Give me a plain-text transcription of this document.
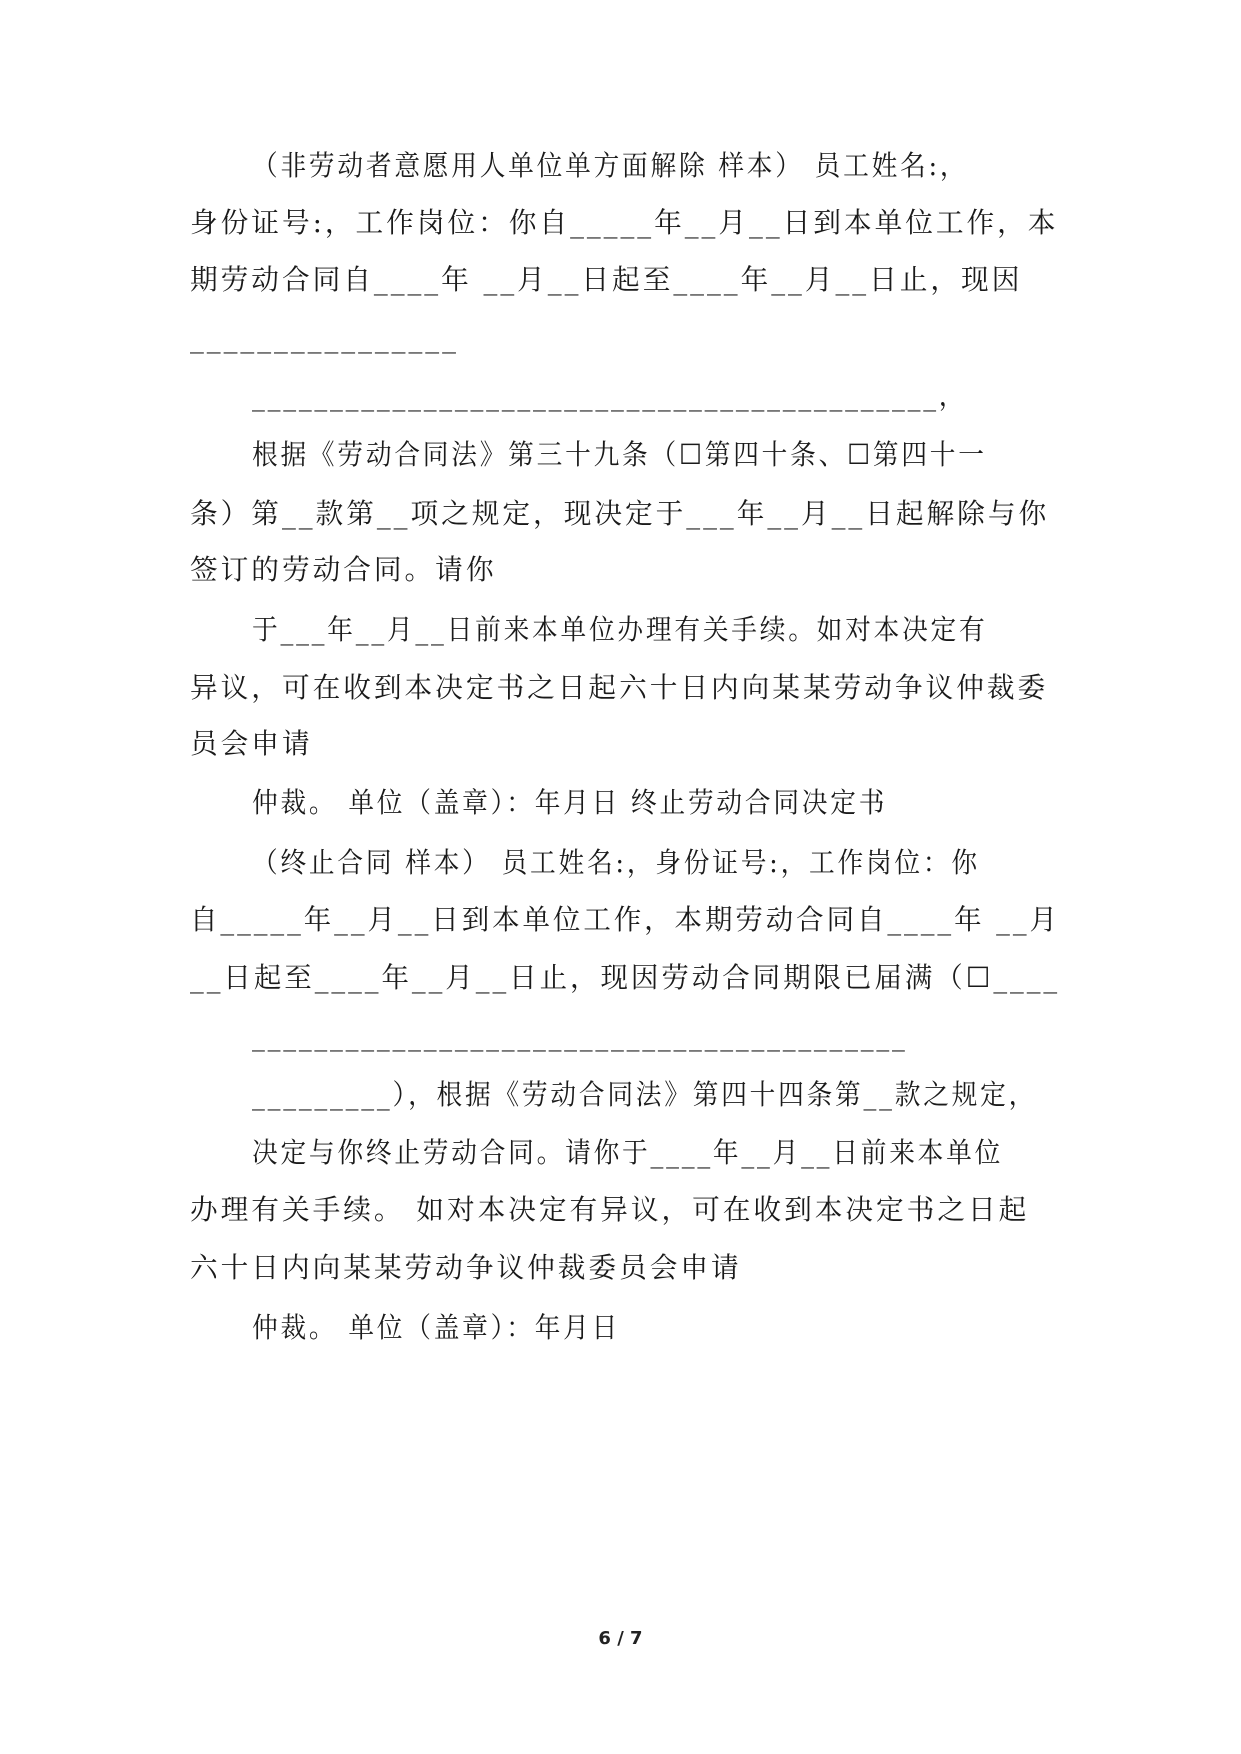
（非劳动者意愿用人单位单方面解除 样本） 员工姓名:，
身份证号:，工作岗位：你自_____年__月__日到本单位工作，本
期劳动合同自____年 __月__日起至____年__月__日止，现因
________________
____________________________________________，
根据《劳动合同法》第三十九条（☐第四十条、☐第四十一
条）第__款第__项之规定，现决定于___年__月__日起解除与你
签订的劳动合同。请你
于___年__月__日前来本单位办理有关手续。如对本决定有
异议，可在收到本决定书之日起六十日内向某某劳动争议仲裁委
员会申请
仲裁。 单位（盖章）：年月日 终止劳动合同决定书
（终止合同 样本） 员工姓名:，身份证号:，工作岗位：你
自_____年__月__日到本单位工作，本期劳动合同自____年 __月
__日起至____年__月__日止，现因劳动合同期限已届满（☐____
__________________________________________
_________），根据《劳动合同法》第四十四条第__款之规定，
决定与你终止劳动合同。请你于____年__月__日前来本单位
办理有关手续。 如对本决定有异议，可在收到本决定书之日起
六十日内向某某劳动争议仲裁委员会申请
仲裁。 单位（盖章）：年月日
6 / 7
